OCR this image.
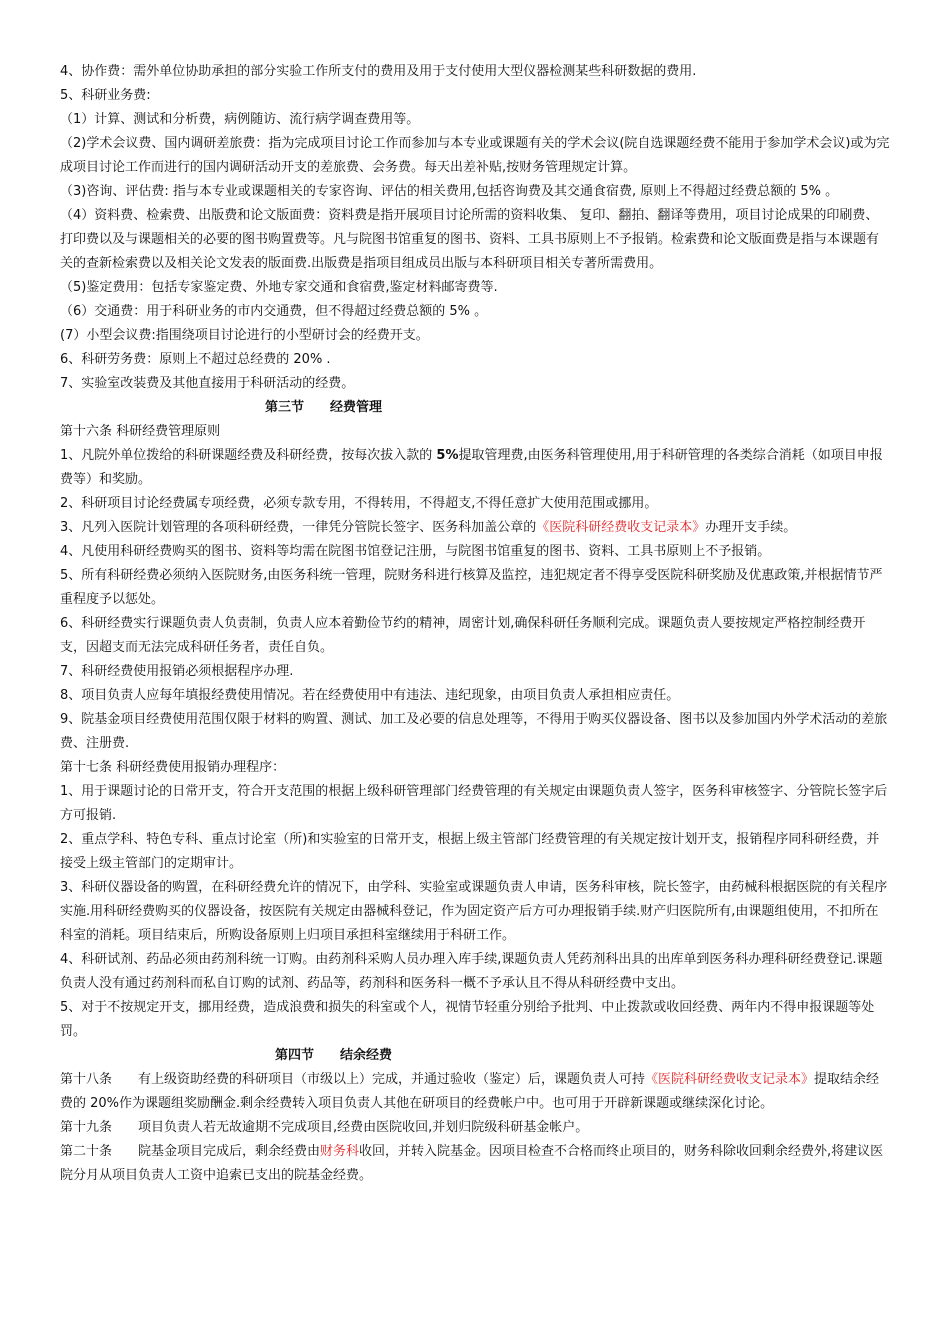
4、协作费：需外单位协助承担的部分实验工作所支付的费用及用于支付使用大型仪器检测某些科研数据的费用.

5、科研业务费:

（1）计算、测试和分析费，病例随访、流行病学调查费用等。

（2)学术会议费、国内调研差旅费：指为完成项目讨论工作而参加与本专业或课题有关的学术会议(院自选课题经费不能用于参加学术会议)或为完成项目讨论工作而进行的国内调研活动开支的差旅费、会务费。每天出差补贴,按财务管理规定计算。

（3)咨询、评估费: 指与本专业或课题相关的专家咨询、评估的相关费用,包括咨询费及其交通食宿费, 原则上不得超过经费总额的 5% 。

（4）资料费、检索费、出版费和论文版面费：资料费是指开展项目讨论所需的资料收集、 复印、翻拍、翻译等费用，项目讨论成果的印刷费、打印费以及与课题相关的必要的图书购置费等。凡与院图书馆重复的图书、资料、工具书原则上不予报销。检索费和论文版面费是指与本课题有关的查新检索费以及相关论文发表的版面费.出版费是指项目组成员出版与本科研项目相关专著所需费用。

（5)鉴定费用：包括专家鉴定费、外地专家交通和食宿费,鉴定材料邮寄费等.

（6）交通费：用于科研业务的市内交通费，但不得超过经费总额的 5% 。

(7）小型会议费:指围绕项目讨论进行的小型研讨会的经费开支。

6、科研劳务费：原则上不超过总经费的 20% .

7、实验室改装费及其他直接用于科研活动的经费。

第三节　　经费管理

第十六条 科研经费管理原则

1、凡院外单位拨给的科研课题经费及科研经费，按每次拔入款的 5%提取管理费,由医务科管理使用,用于科研管理的各类综合消耗（如项目申报费等）和奖励。

2、科研项目讨论经费属专项经费，必须专款专用，不得转用，不得超支,不得任意扩大使用范围或挪用。

3、凡列入医院计划管理的各项科研经费，一律凭分管院长签字、医务科加盖公章的《医院科研经费收支记录本》办理开支手续。

4、凡使用科研经费购买的图书、资料等均需在院图书馆登记注册，与院图书馆重复的图书、资料、工具书原则上不予报销。

5、所有科研经费必须纳入医院财务,由医务科统一管理，院财务科进行核算及监控，违犯规定者不得享受医院科研奖励及优惠政策,并根据情节严重程度予以惩处。

6、科研经费实行课题负责人负责制，负责人应本着勤俭节约的精神，周密计划,确保科研任务顺利完成。课题负责人要按规定严格控制经费开支，因超支而无法完成科研任务者，责任自负。

7、科研经费使用报销必须根据程序办理.

8、项目负责人应每年填报经费使用情况。若在经费使用中有违法、违纪现象，由项目负责人承担相应责任。

9、院基金项目经费使用范围仅限于材料的购置、测试、加工及必要的信息处理等，不得用于购买仪器设备、图书以及参加国内外学术活动的差旅费、注册费.

第十七条 科研经费使用报销办理程序：

1、用于课题讨论的日常开支，符合开支范围的根据上级科研管理部门经费管理的有关规定由课题负责人签字，医务科审核签字、分管院长签字后方可报销.

2、重点学科、特色专科、重点讨论室（所)和实验室的日常开支，根据上级主管部门经费管理的有关规定按计划开支，报销程序同科研经费，并接受上级主管部门的定期审计。

3、科研仪器设备的购置，在科研经费允许的情况下，由学科、实验室或课题负责人申请，医务科审核，院长签字，由药械科根据医院的有关程序实施.用科研经费购买的仪器设备，按医院有关规定由器械科登记，作为固定资产后方可办理报销手续.财产归医院所有,由课题组使用，不扣所在科室的消耗。项目结束后，所购设备原则上归项目承担科室继续用于科研工作。

4、科研试剂、药品必须由药剂科统一订购。由药剂科采购人员办理入库手续,课题负责人凭药剂科出具的出库单到医务科办理科研经费登记.课题负责人没有通过药剂科而私自订购的试剂、药品等，药剂科和医务科一概不予承认且不得从科研经费中支出。

5、对于不按规定开支，挪用经费，造成浪费和损失的科室或个人，视情节轻重分别给予批判、中止拨款或收回经费、两年内不得申报课题等处罚。

第四节　　结余经费

第十八条　　有上级资助经费的科研项目（市级以上）完成，并通过验收（鉴定）后，课题负责人可持《医院科研经费收支记录本》提取结余经费的 20%作为课题组奖励酬金.剩余经费转入项目负责人其他在研项目的经费帐户中。也可用于开辟新课题或继续深化讨论。

第十九条　　项目负责人若无故逾期不完成项目,经费由医院收回,并划归院级科研基金帐户。

第二十条　　院基金项目完成后，剩余经费由财务科收回，并转入院基金。因项目检查不合格而终止项目的，财务科除收回剩余经费外,将建议医院分月从项目负责人工资中追索已支出的院基金经费。
